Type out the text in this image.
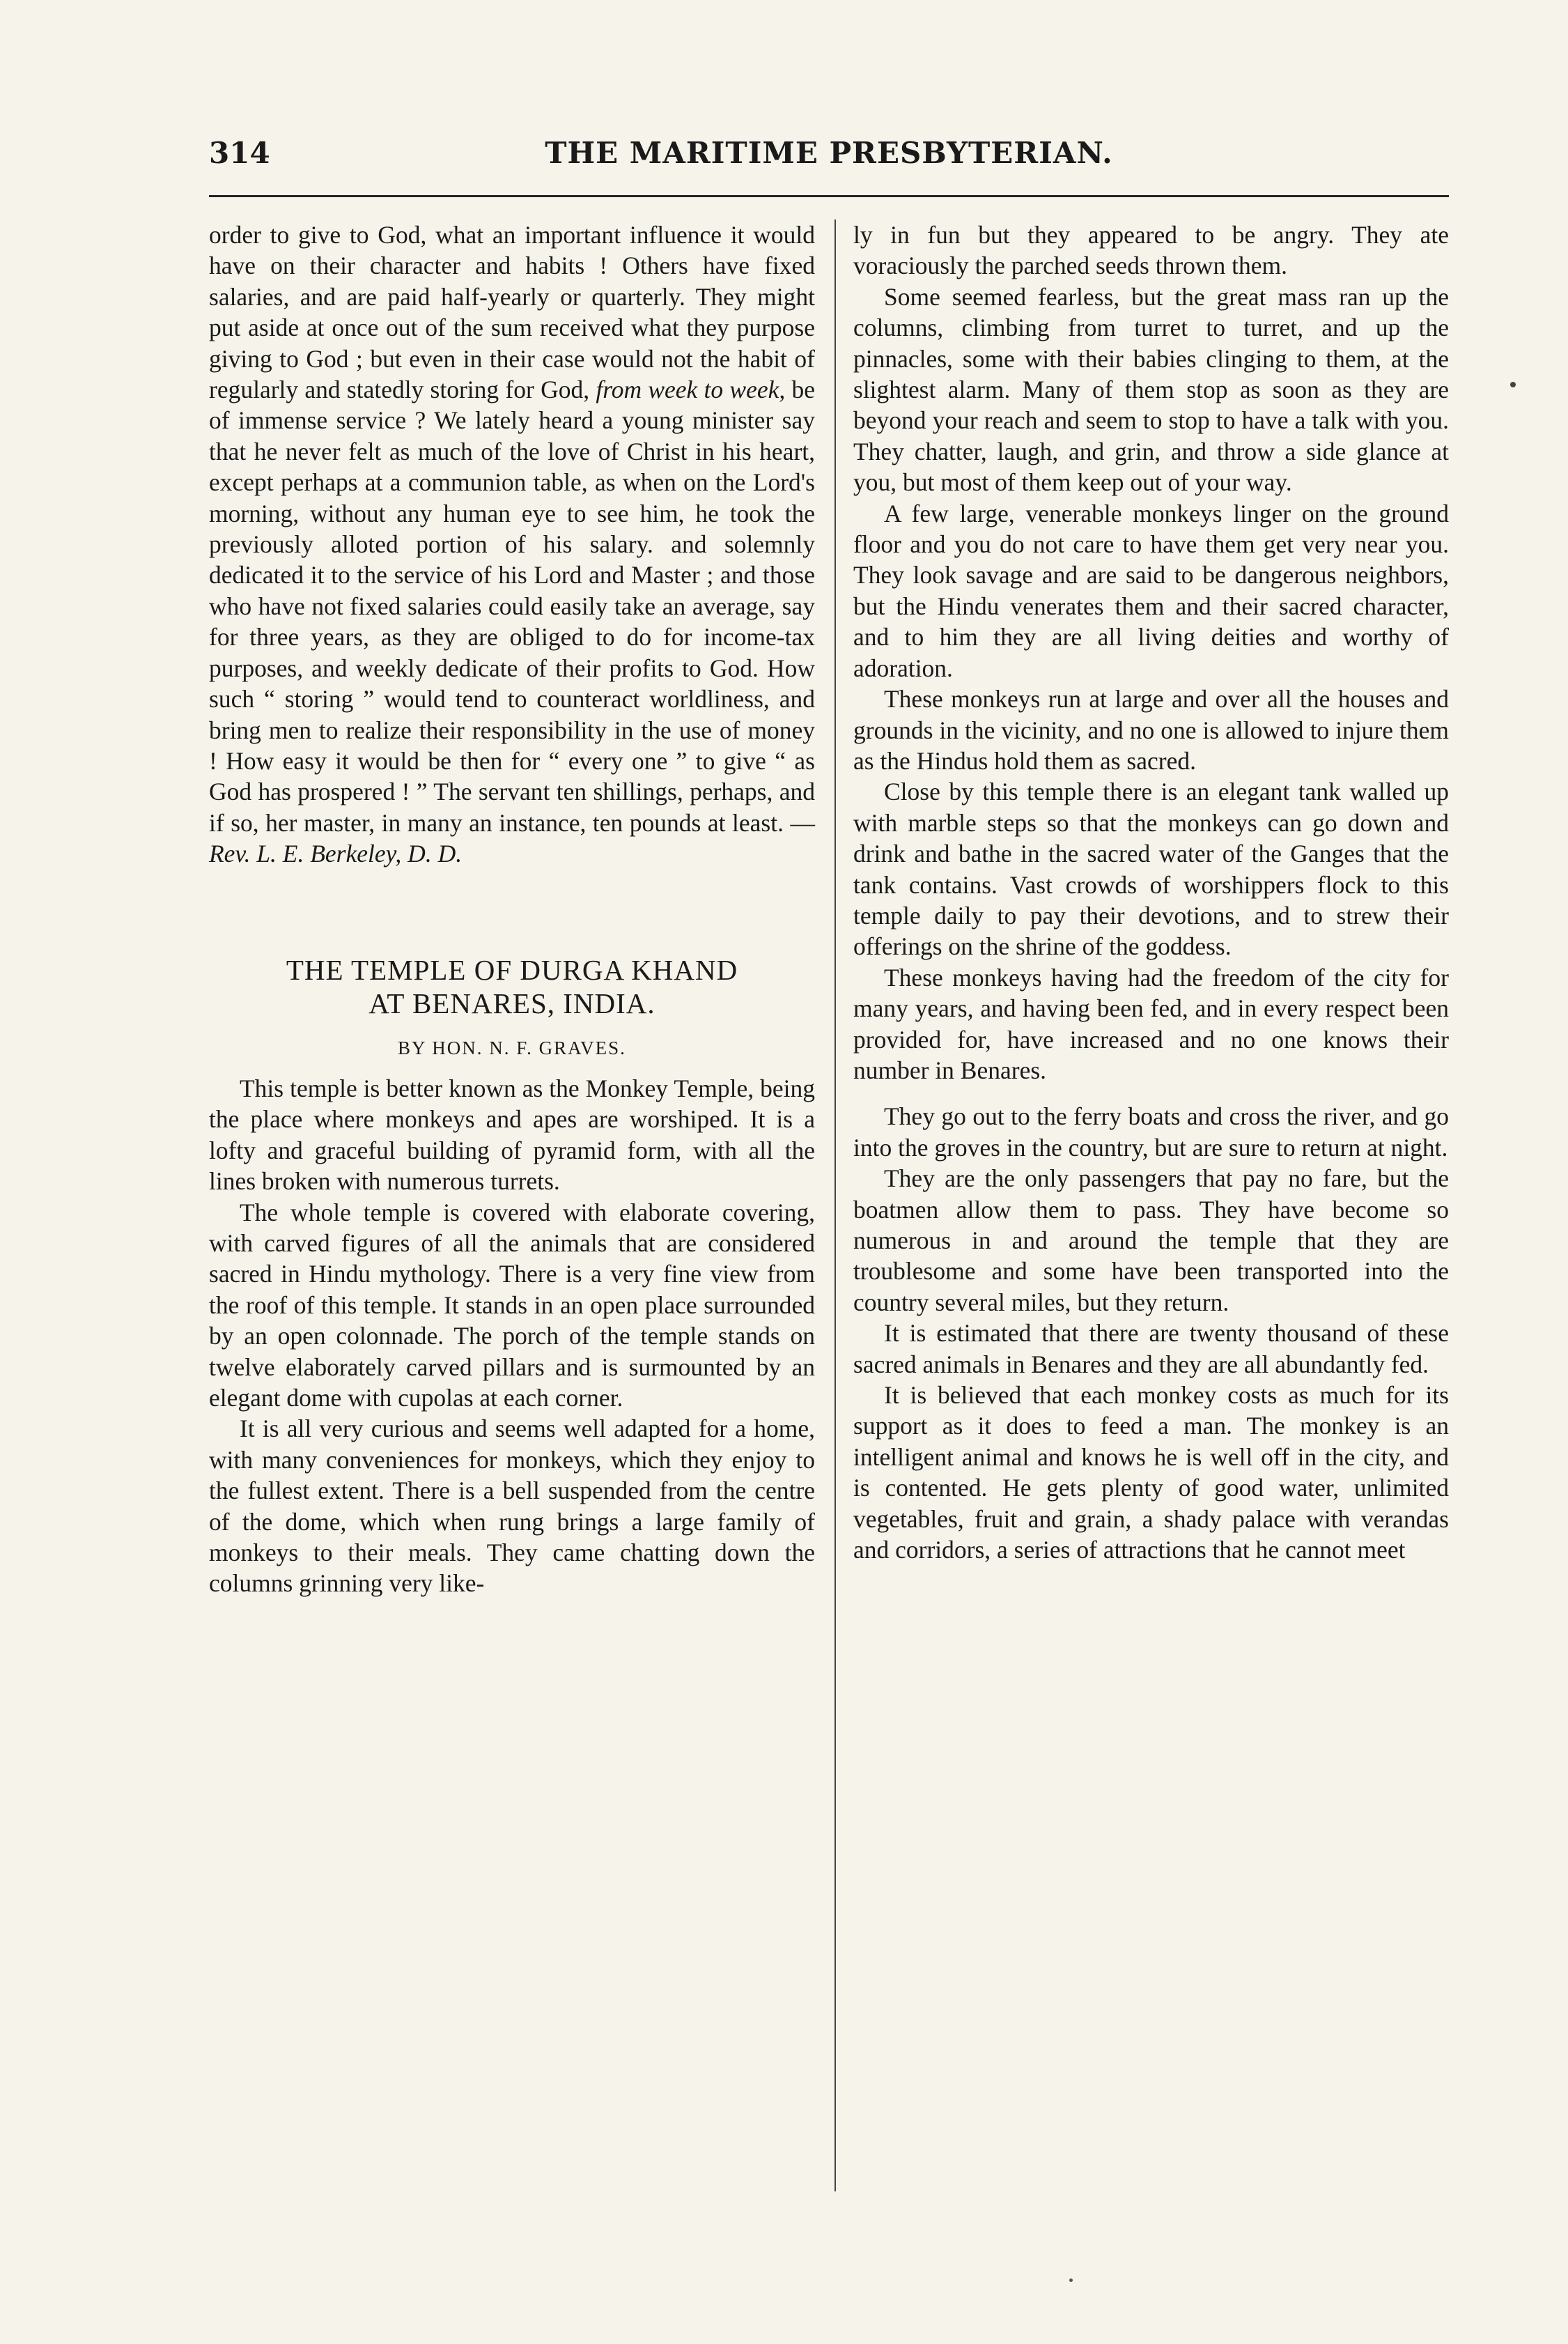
314	THE MARITIME PRESBYTERIAN.

order to give to God, what an important influence it would have on their character and habits ! Others have fixed salaries, and are paid half-yearly or quarterly. They might put aside at once out of the sum received what they purpose giving to God ; but even in their case would not the habit of regularly and statedly storing for God, from week to week, be of immense service ? We lately heard a young minister say that he never felt as much of the love of Christ in his heart, except perhaps at a communion table, as when on the Lord's morning, without any human eye to see him, he took the previously alloted portion of his salary. and solemnly dedicated it to the service of his Lord and Master ; and those who have not fixed salaries could easily take an average, say for three years, as they are obliged to do for income-tax purposes, and weekly dedicate of their profits to God. How such “ storing ” would tend to counteract worldliness, and bring men to realize their responsibility in the use of money ! How easy it would be then for “ every one ” to give “ as God has prospered ! ” The servant ten shillings, perhaps, and if so, her master, in many an instance, ten pounds at least. —Rev. L. E. Berkeley, D. D.

THE TEMPLE OF DURGA KHAND
AT BENARES, INDIA.
BY HON. N. F. GRAVES.

This temple is better known as the Monkey Temple, being the place where monkeys and apes are worshiped. It is a lofty and graceful building of pyramid form, with all the lines broken with numerous turrets.

The whole temple is covered with elaborate covering, with carved figures of all the animals that are considered sacred in Hindu mythology. There is a very fine view from the roof of this temple. It stands in an open place surrounded by an open colonnade. The porch of the temple stands on twelve elaborately carved pillars and is surmounted by an elegant dome with cupolas at each corner.

It is all very curious and seems well adapted for a home, with many conveniences for monkeys, which they enjoy to the fullest extent. There is a bell suspended from the centre of the dome, which when rung brings a large family of monkeys to their meals. They came chatting down the columns grinning very like-

ly in fun but they appeared to be angry. They ate voraciously the parched seeds thrown them.

Some seemed fearless, but the great mass ran up the columns, climbing from turret to turret, and up the pinnacles, some with their babies clinging to them, at the slightest alarm. Many of them stop as soon as they are beyond your reach and seem to stop to have a talk with you. They chatter, laugh, and grin, and throw a side glance at you, but most of them keep out of your way.

A few large, venerable monkeys linger on the ground floor and you do not care to have them get very near you. They look savage and are said to be dangerous neighbors, but the Hindu venerates them and their sacred character, and to him they are all living deities and worthy of adoration.

These monkeys run at large and over all the houses and grounds in the vicinity, and no one is allowed to injure them as the Hindus hold them as sacred.

Close by this temple there is an elegant tank walled up with marble steps so that the monkeys can go down and drink and bathe in the sacred water of the Ganges that the tank contains. Vast crowds of worshippers flock to this temple daily to pay their devotions, and to strew their offerings on the shrine of the goddess.

These monkeys having had the freedom of the city for many years, and having been fed, and in every respect been provided for, have increased and no one knows their number in Benares.

They go out to the ferry boats and cross the river, and go into the groves in the country, but are sure to return at night.

They are the only passengers that pay no fare, but the boatmen allow them to pass. They have become so numerous in and around the temple that they are troublesome and some have been transported into the country several miles, but they return.

It is estimated that there are twenty thousand of these sacred animals in Benares and they are all abundantly fed.

It is believed that each monkey costs as much for its support as it does to feed a man. The monkey is an intelligent animal and knows he is well off in the city, and is contented. He gets plenty of good water, unlimited vegetables, fruit and grain, a shady palace with verandas and corridors, a series of attractions that he cannot meet
